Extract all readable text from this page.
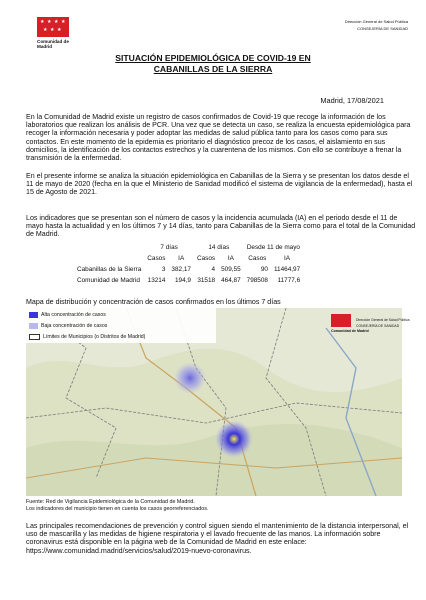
★ ★ ★ ★
★ ★ ★
Comunidad de Madrid
Dirección General de Salud Pública
CONSEJERÍA DE SANIDAD
SITUACIÓN EPIDEMIOLÓGICA DE COVID-19 EN
CABANILLAS DE LA SIERRA
Madrid, 17/08/2021
En la Comunidad de Madrid existe un registro de casos confirmados de Covid-19 que recoge la información de los laboratorios que realizan los análisis de PCR. Una vez que se detecta un caso, se realiza la encuesta epidemiológica para recoger la información necesaria y poder adoptar las medidas de salud pública tanto para los casos como para sus contactos. En este momento de la epidemia es prioritario el diagnóstico precoz de los casos, el aislamiento en sus domicilios, la identificación de los contactos estrechos y la cuarentena de los mismos. Con ello se contribuye a frenar la transmisión de la enfermedad.
En el presente informe se analiza la situación epidemiológica en Cabanillas de la Sierra y se presentan los datos desde el 11 de mayo de 2020 (fecha en la que el Ministerio de Sanidad modificó el sistema de vigilancia de la enfermedad), hasta el 15 de Agosto de 2021.
Los indicadores que se presentan son el número de casos y la incidencia acumulada (IA) en el periodo desde el 11 de mayo hasta la actualidad y en los últimos 7 y 14 días, tanto para Cabanillas de la Sierra como para el total de la Comunidad de Madrid.
	7 días		14 días		Desde 11 de mayo	
	Casos	IA	Casos	IA	Casos	IA
Cabanillas de la Sierra	3	382,17	4	509,55	90	11464,97
Comunidad de Madrid	13214	194,9	31518	464,87	798508	11777,6
Mapa de distribución y concentración de casos confirmados en los últimos 7 días
Alta concentración de casos
Baja concentración de casos
Límites de Municipios (o Distritos de Madrid)
Comunidad de Madrid
Dirección General de Salud Pública
CONSEJERÍA DE SANIDAD
Fuente: Red de Vigilancia Epidemiológica de la Comunidad de Madrid.
Los indicadores del municipio tienen en cuenta los casos georreferenciados.
Las principales recomendaciones de prevención y control siguen siendo el mantenimiento de la distancia interpersonal, el uso de mascarilla y las medidas de higiene respiratoria y el lavado frecuente de las manos. La información sobre coronavirus está disponible en la página web de la Comunidad de Madrid en este enlace: https://www.comunidad.madrid/servicios/salud/2019-nuevo-coronavirus.
